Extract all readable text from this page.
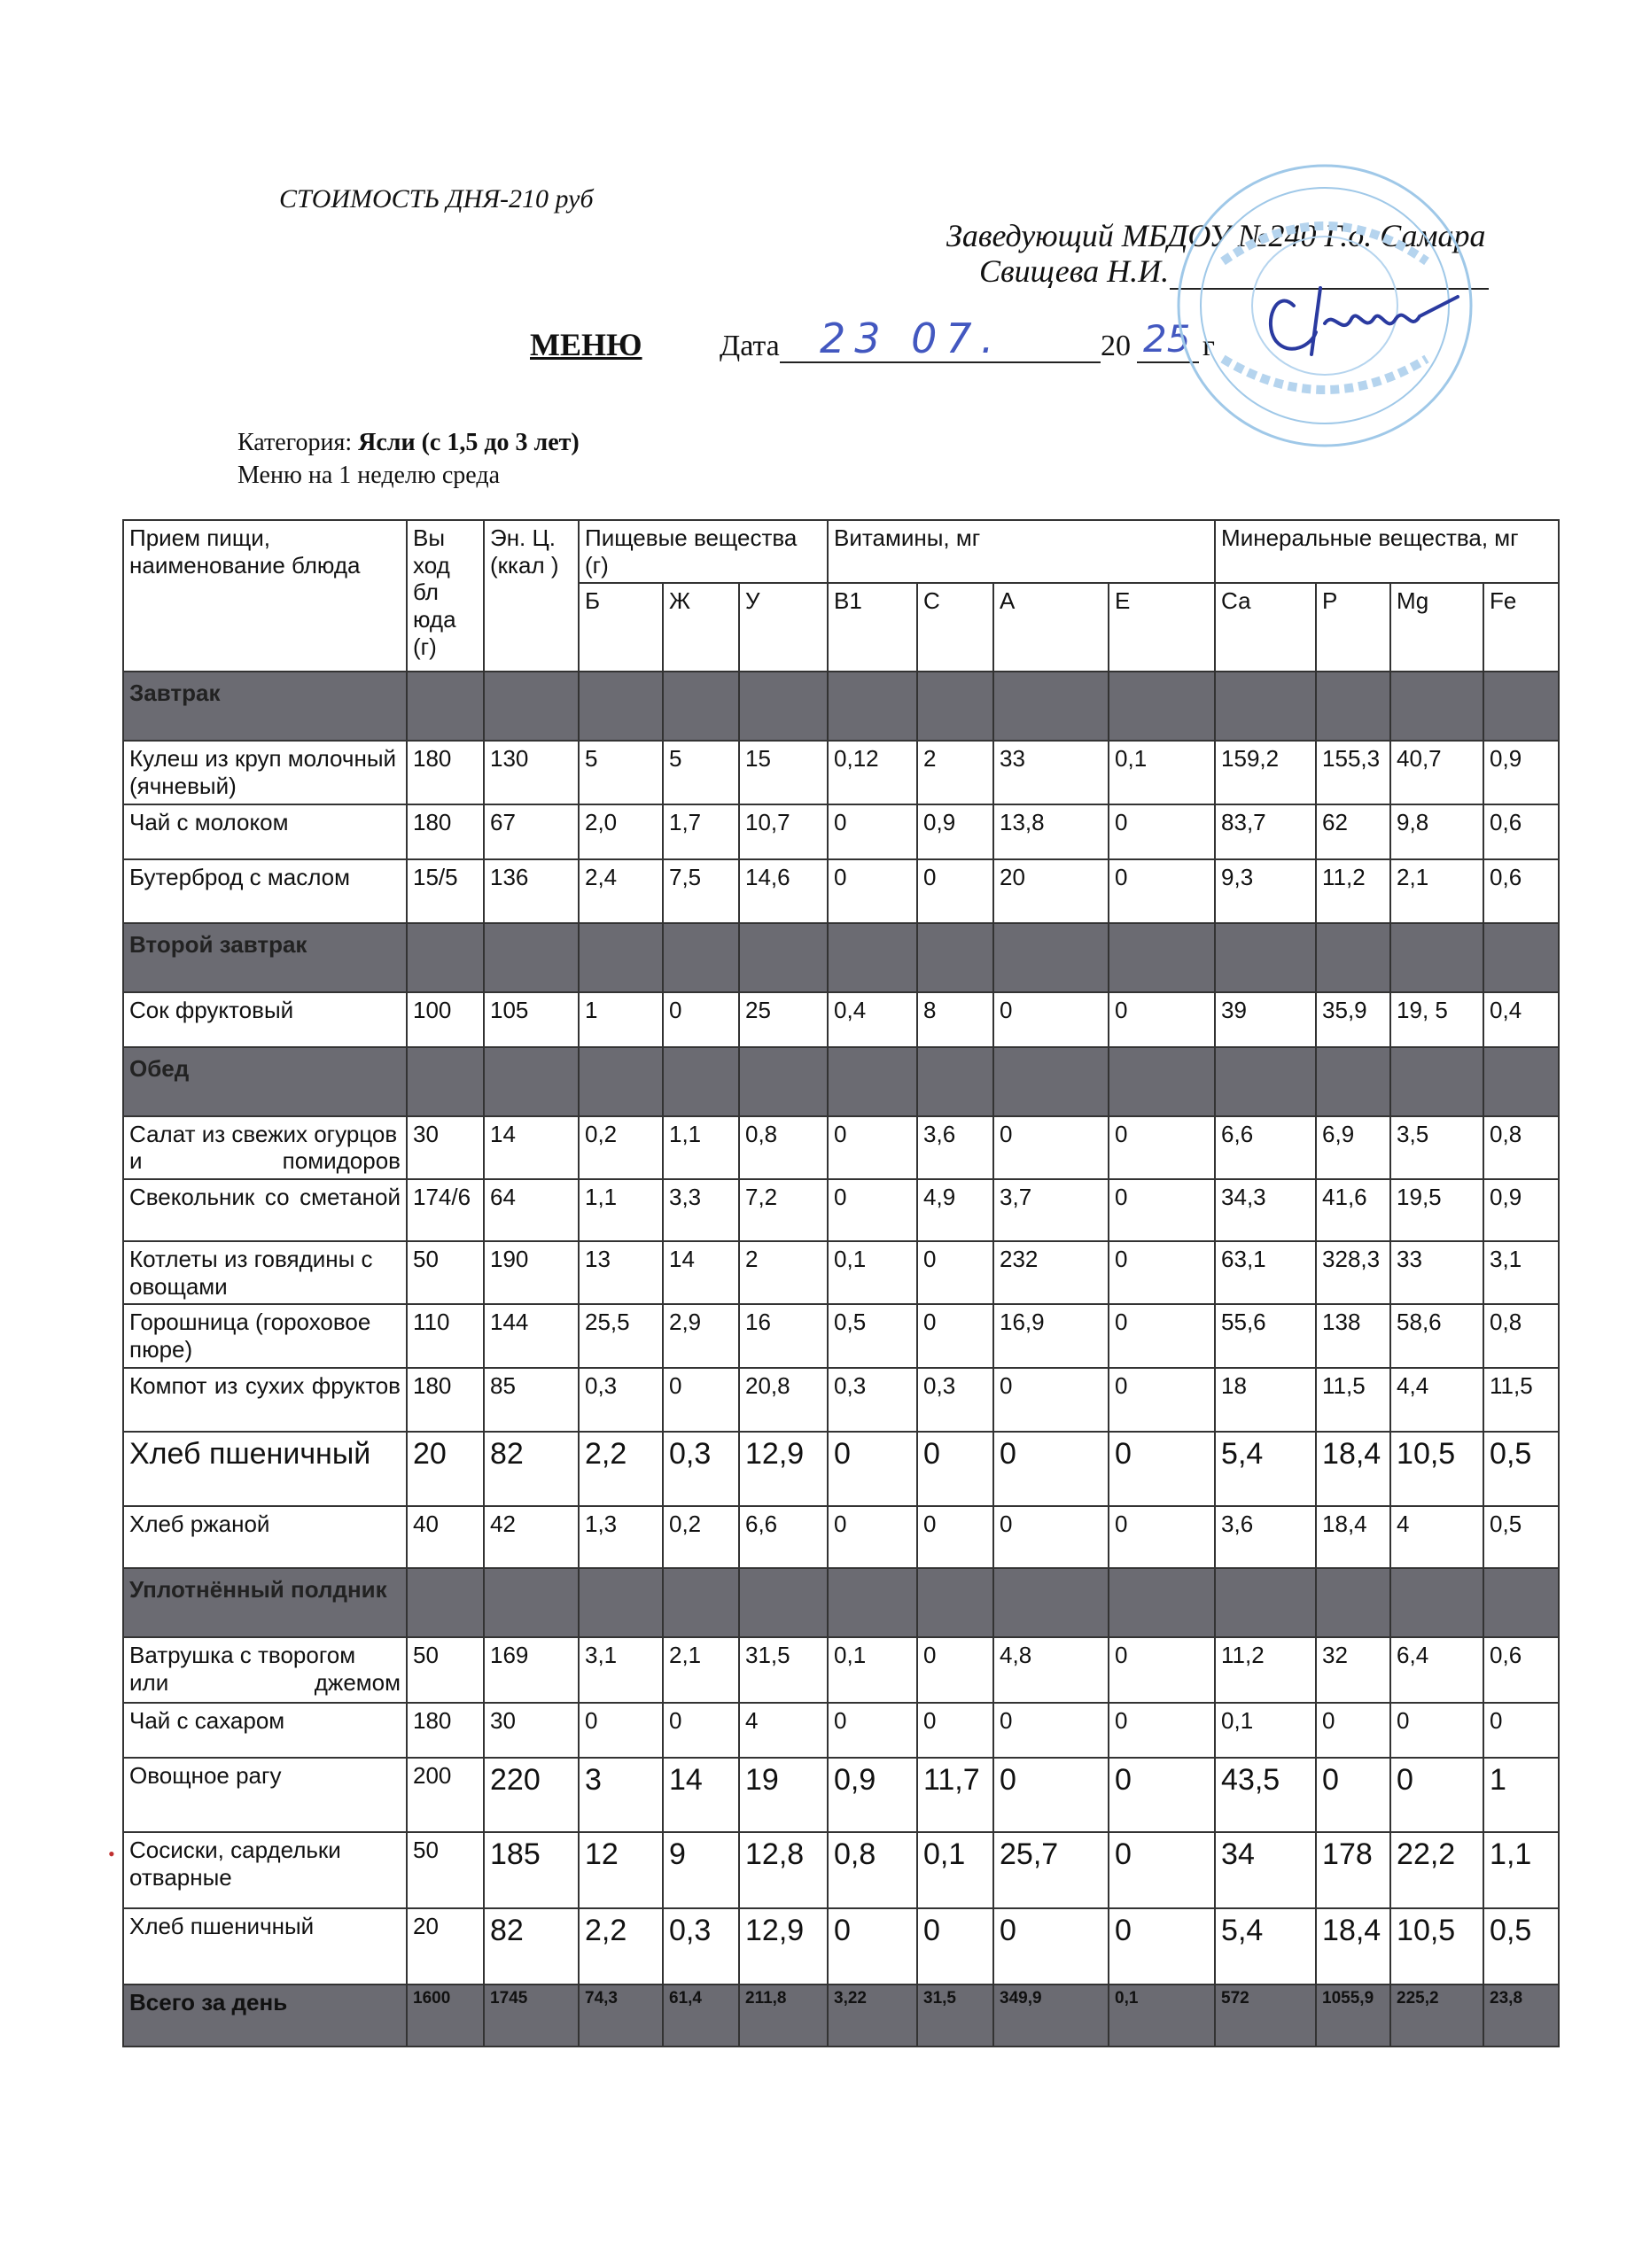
СТОИМОСТЬ ДНЯ-210 руб
Заведующий МБДОУ №240 Г.о. Самара
Свищева Н.И.
МЕНЮ	Дата 23 07.	20 25 г
Категория: Ясли (с 1,5 до 3 лет)
Меню на 1 неделю среда
Прием пищи, наименование блюда	Вы ход бл юда (г)	Эн. Ц. (ккал )	Пищевые вещества (г)			Витамины, мг				Минеральные вещества, мг			
			Б	Ж	У	В1	С	А	Е	Са	Р	Mg	Fe
Завтрак													
Кулеш из круп молочный (ячневый)	180	130	5	5	15	0,12	2	33	0,1	159,2	155,3	40,7	0,9
Чай с молоком	180	67	2,0	1,7	10,7	0	0,9	13,8	0	83,7	62	9,8	0,6
Бутерброд с маслом	15/5	136	2,4	7,5	14,6	0	0	20	0	9,3	11,2	2,1	0,6
Второй завтрак													
Сок фруктовый	100	105	1	0	25	0,4	8	0	0	39	35,9	19, 5	0,4
Обед													
Салат из свежих огурцов и помидоров	30	14	0,2	1,1	0,8	0	3,6	0	0	6,6	6,9	3,5	0,8
Свекольник со сметаной	174/6	64	1,1	3,3	7,2	0	4,9	3,7	0	34,3	41,6	19,5	0,9
Котлеты из говядины с овощами	50	190	13	14	2	0,1	0	232	0	63,1	328,3	33	3,1
Горошница (гороховое пюре)	110	144	25,5	2,9	16	0,5	0	16,9	0	55,6	138	58,6	0,8
Компот из сухих фруктов	180	85	0,3	0	20,8	0,3	0,3	0	0	18	11,5	4,4	11,5
Хлеб пшеничный	20	82	2,2	0,3	12,9	0	0	0	0	5,4	18,4	10,5	0,5
Хлеб ржаной	40	42	1,3	0,2	6,6	0	0	0	0	3,6	18,4	4	0,5
Уплотнённый полдник													
Ватрушка с творогом или джемом	50	169	3,1	2,1	31,5	0,1	0	4,8	0	11,2	32	6,4	0,6
Чай с сахаром	180	30	0	0	4	0	0	0	0	0,1	0	0	0
Овощное рагу	200	220	3	14	19	0,9	11,7	0	0	43,5	0	0	1
Сосиски, сардельки отварные	50	185	12	9	12,8	0,8	0,1	25,7	0	34	178	22,2	1,1
Хлеб пшеничный	20	82	2,2	0,3	12,9	0	0	0	0	5,4	18,4	10,5	0,5
Всего за день	1600	1745	74,3	61,4	211,8	3,22	31,5	349,9	0,1	572	1055,9	225,2	23,8
•
